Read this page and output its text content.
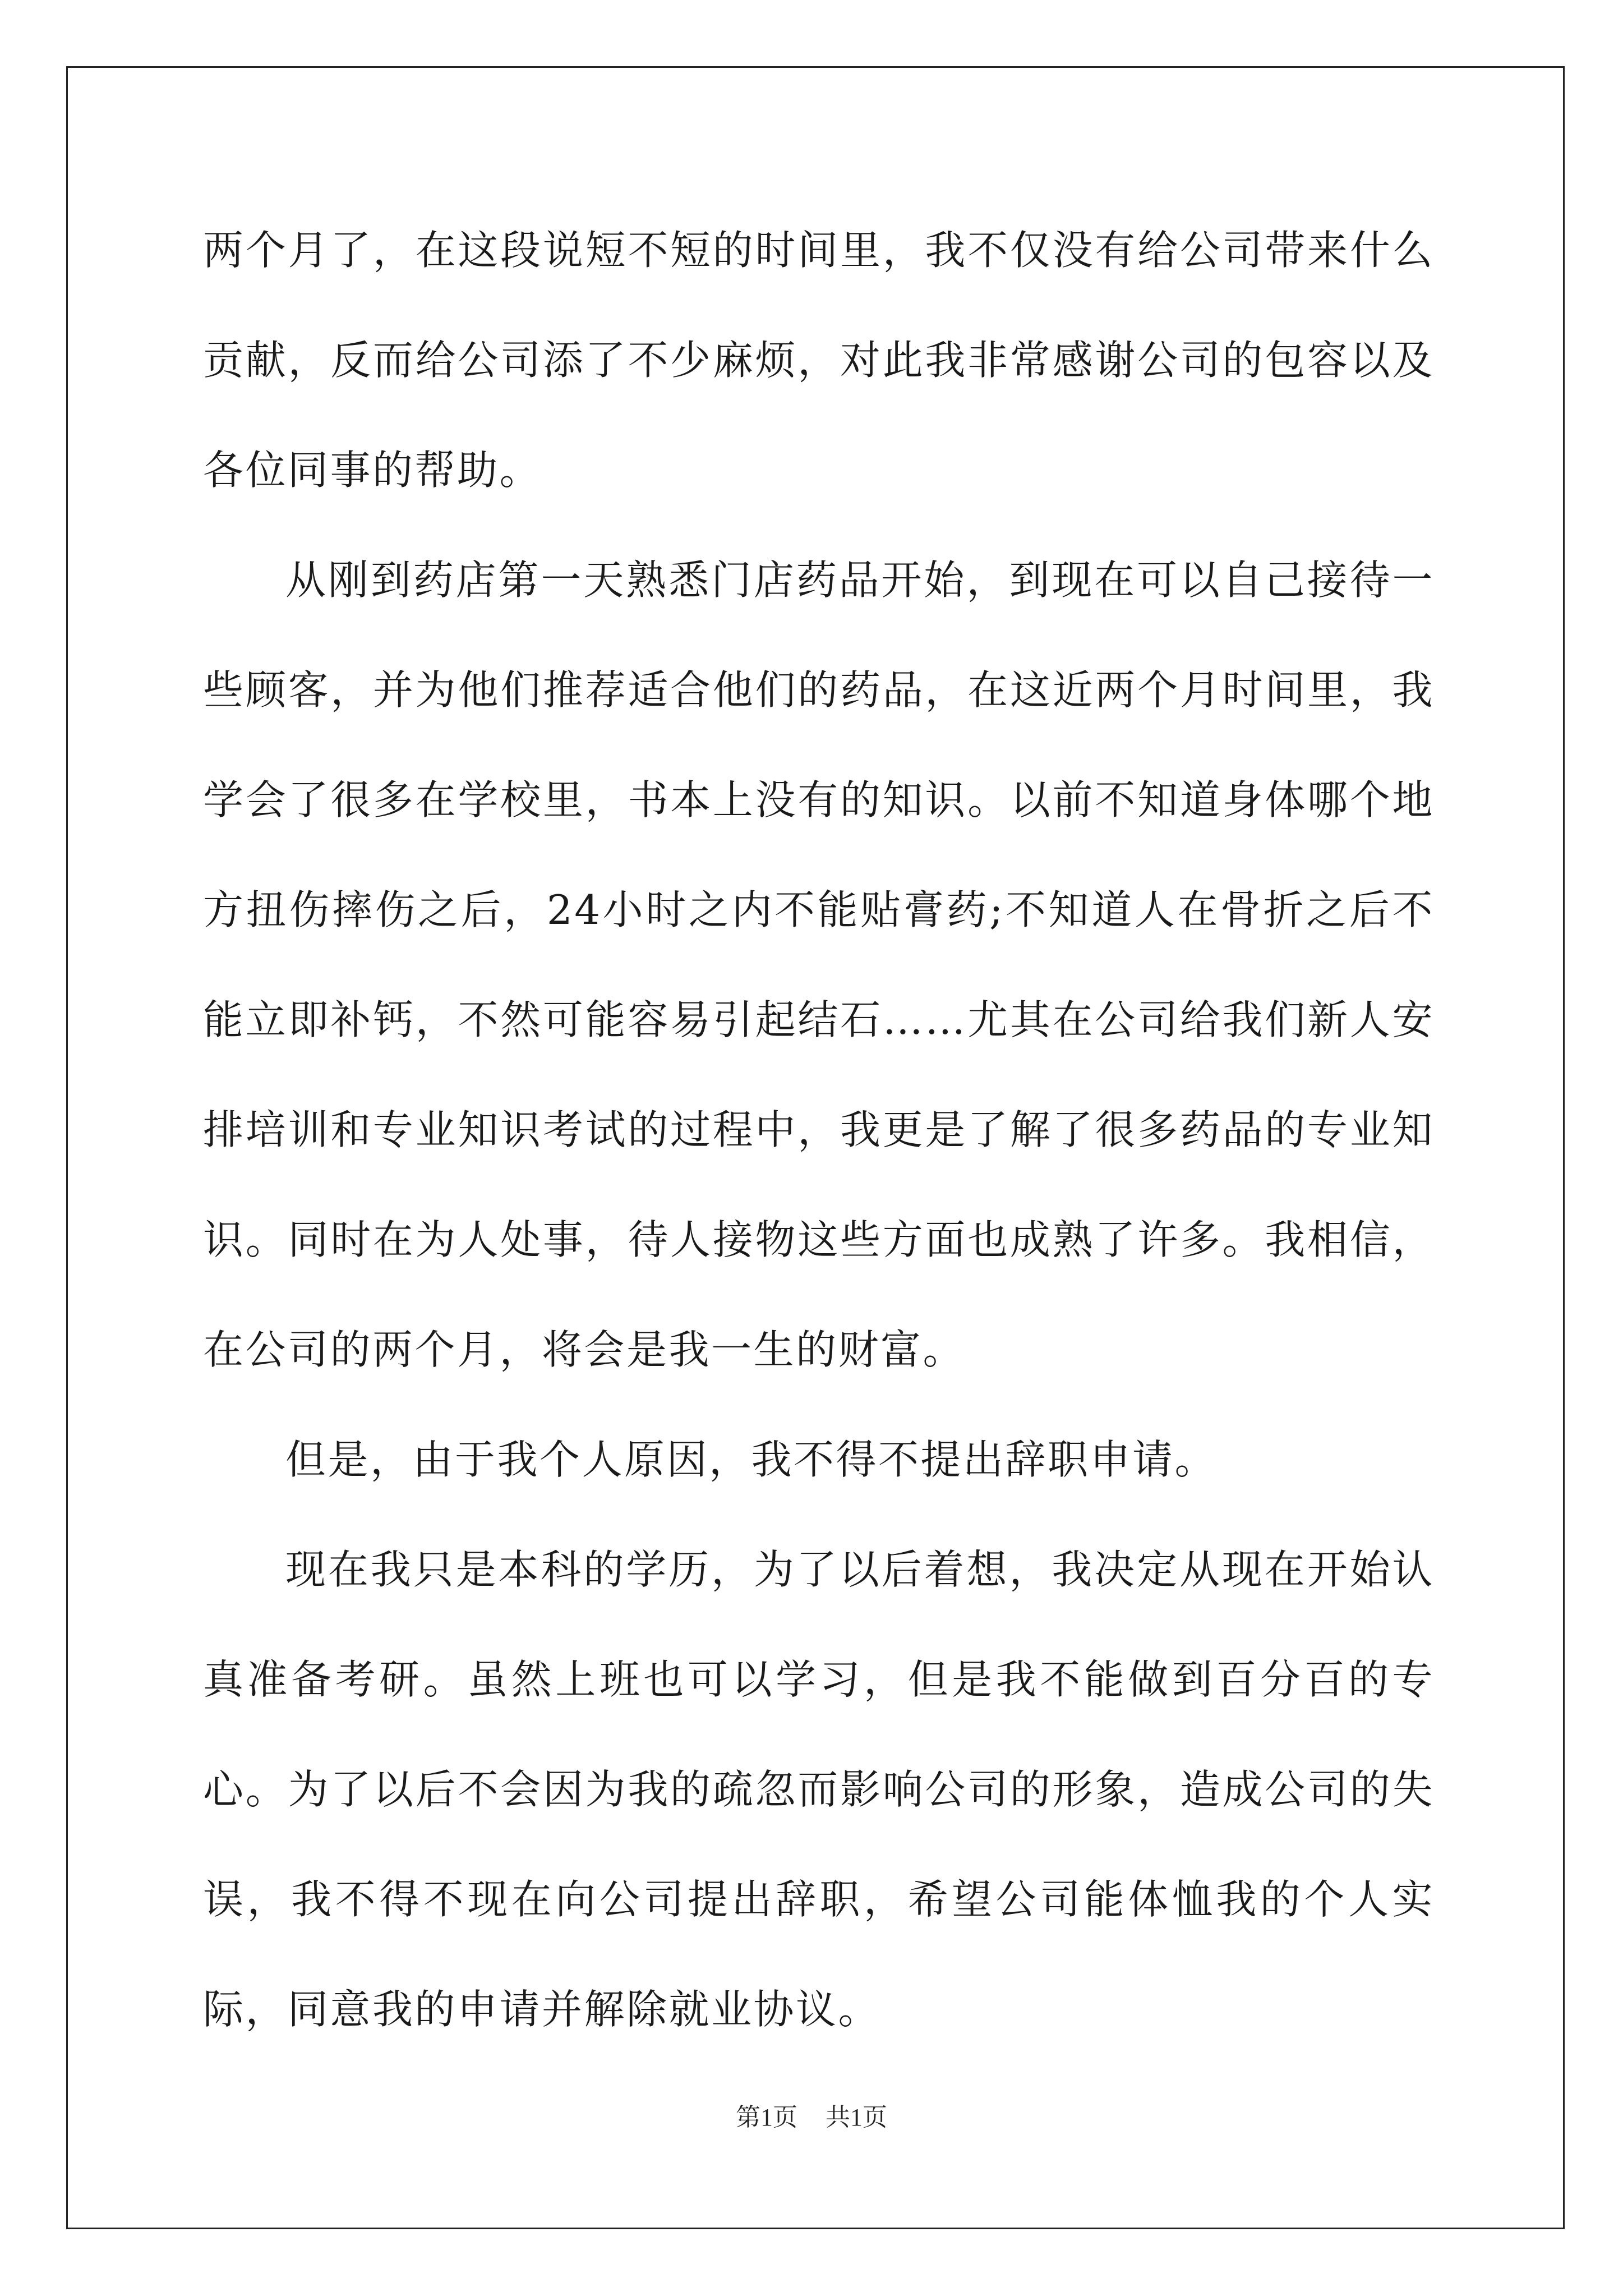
两个月了，在这段说短不短的时间里，我不仅没有给公司带来什么贡献，反而给公司添了不少麻烦，对此我非常感谢公司的包容以及各位同事的帮助。

从刚到药店第一天熟悉门店药品开始，到现在可以自己接待一些顾客，并为他们推荐适合他们的药品，在这近两个月时间里，我学会了很多在学校里，书本上没有的知识。以前不知道身体哪个地方扭伤摔伤之后，24小时之内不能贴膏药;不知道人在骨折之后不能立即补钙，不然可能容易引起结石……尤其在公司给我们新人安排培训和专业知识考试的过程中，我更是了解了很多药品的专业知识。同时在为人处事，待人接物这些方面也成熟了许多。我相信，在公司的两个月，将会是我一生的财富。

但是，由于我个人原因，我不得不提出辞职申请。

现在我只是本科的学历，为了以后着想，我决定从现在开始认真准备考研。虽然上班也可以学习，但是我不能做到百分百的专心。为了以后不会因为我的疏忽而影响公司的形象，造成公司的失误，我不得不现在向公司提出辞职，希望公司能体恤我的个人实际，同意我的申请并解除就业协议。

第1页 共1页
